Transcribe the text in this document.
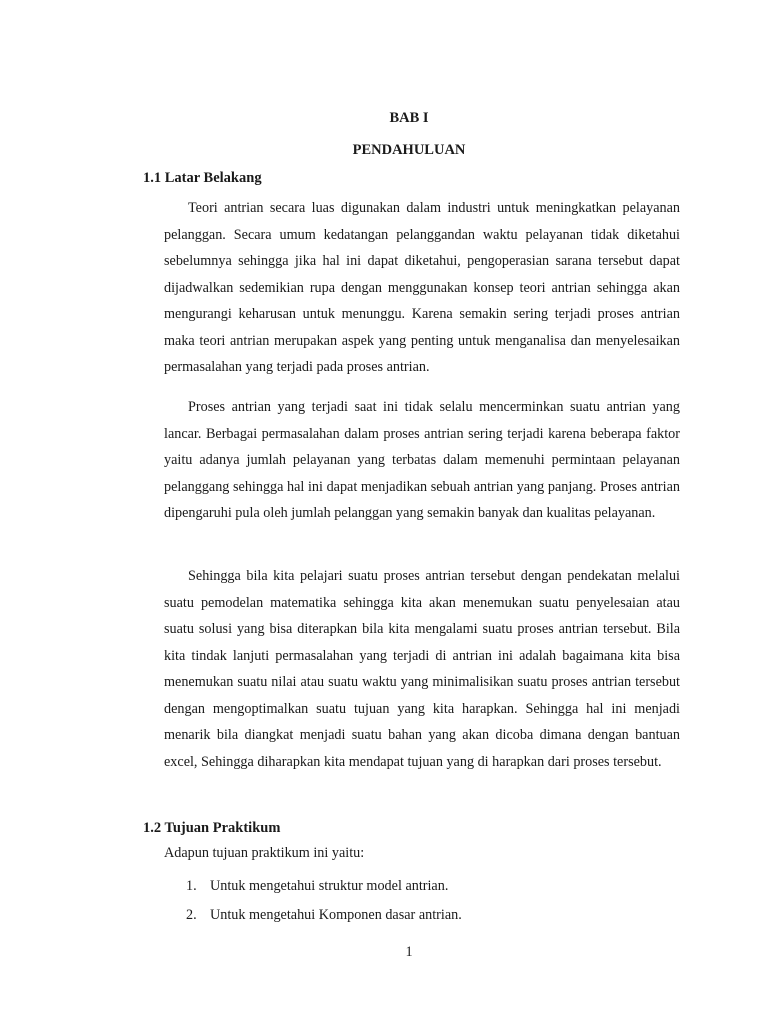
BAB I
PENDAHULUAN
1.1 Latar Belakang

Teori antrian secara luas digunakan dalam industri untuk meningkatkan pelayanan pelanggan. Secara umum kedatangan pelanggandan waktu pelayanan tidak diketahui sebelumnya sehingga jika hal ini dapat diketahui, pengoperasian sarana tersebut dapat dijadwalkan sedemikian rupa dengan menggunakan konsep teori antrian sehingga akan mengurangi keharusan untuk menunggu. Karena semakin sering terjadi proses antrian maka teori antrian merupakan aspek yang penting untuk menganalisa dan menyelesaikan permasalahan yang terjadi pada proses antrian.

Proses antrian yang terjadi saat ini tidak selalu mencerminkan suatu antrian yang lancar. Berbagai permasalahan dalam proses antrian sering terjadi karena beberapa faktor yaitu adanya jumlah pelayanan yang terbatas dalam memenuhi permintaan pelayanan pelanggang sehingga hal ini dapat menjadikan sebuah antrian yang panjang. Proses antrian dipengaruhi pula oleh jumlah pelanggan yang semakin banyak dan kualitas pelayanan.

Sehingga bila kita pelajari suatu proses antrian tersebut dengan pendekatan melalui suatu pemodelan matematika sehingga kita akan menemukan suatu penyelesaian atau suatu solusi yang bisa diterapkan bila kita mengalami suatu proses antrian tersebut. Bila kita tindak lanjuti permasalahan yang terjadi di antrian ini adalah bagaimana kita bisa menemukan suatu nilai atau suatu waktu yang minimalisikan suatu proses antrian tersebut dengan mengoptimalkan suatu tujuan yang kita harapkan. Sehingga hal ini menjadi menarik bila diangkat menjadi suatu bahan yang akan dicoba dimana dengan bantuan excel, Sehingga diharapkan kita mendapat tujuan yang di harapkan dari proses tersebut.

1.2 Tujuan Praktikum
Adapun tujuan praktikum ini yaitu:
1. Untuk mengetahui struktur model antrian.
2. Untuk mengetahui Komponen dasar antrian.
1
